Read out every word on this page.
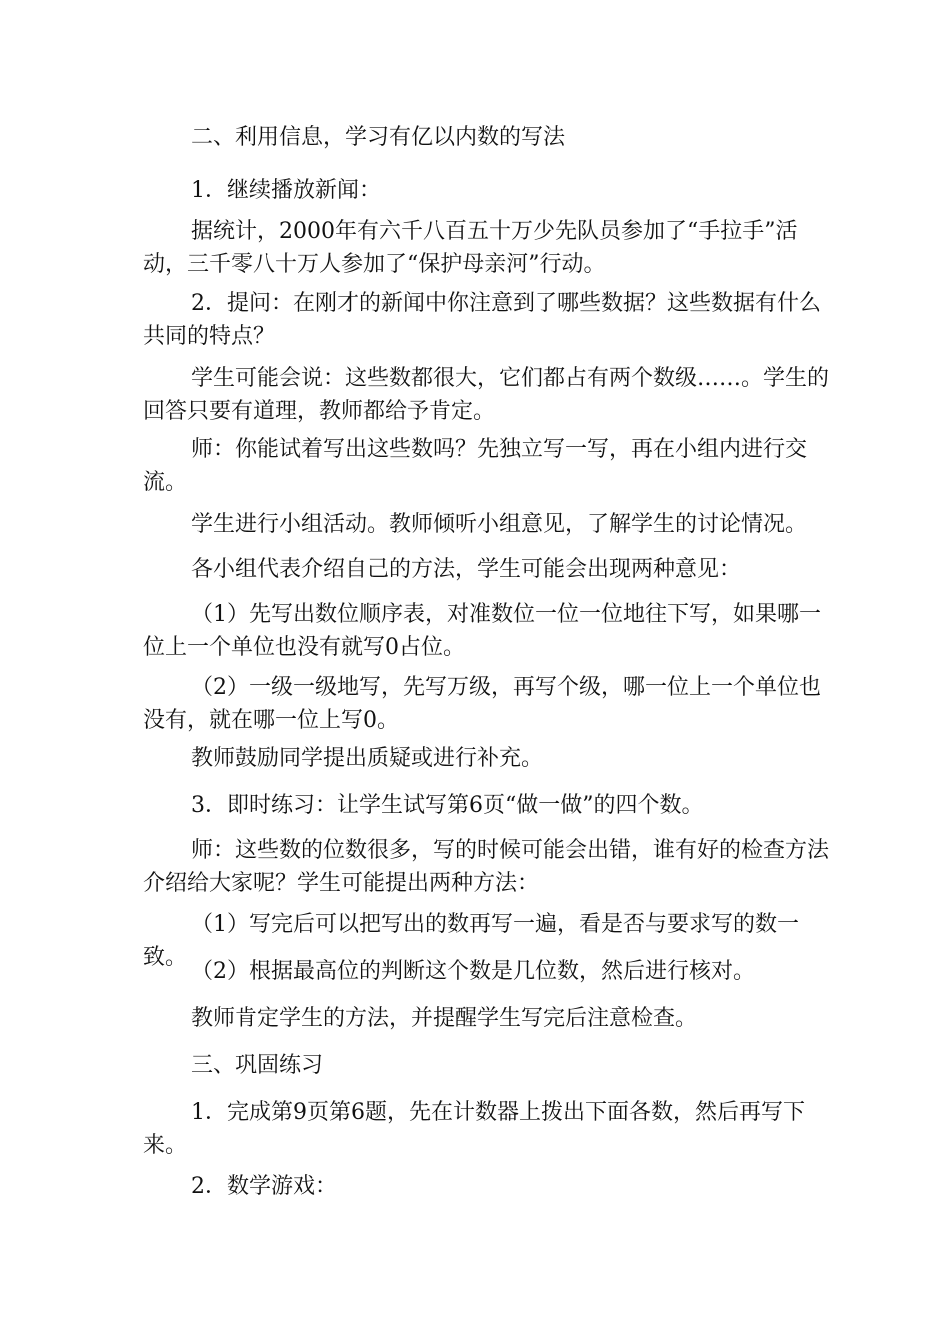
二、利用信息，学习有亿以内数的写法

1．继续播放新闻：

据统计，2000年有六千八百五十万少先队员参加了“手拉手”活动，三千零八十万人参加了“保护母亲河”行动。

2．提问：在刚才的新闻中你注意到了哪些数据？这些数据有什么共同的特点？

学生可能会说：这些数都很大，它们都占有两个数级……。学生的回答只要有道理，教师都给予肯定。

师：你能试着写出这些数吗？先独立写一写，再在小组内进行交流。

学生进行小组活动。教师倾听小组意见，了解学生的讨论情况。

各小组代表介绍自己的方法，学生可能会出现两种意见：

（1）先写出数位顺序表，对准数位一位一位地往下写，如果哪一位上一个单位也没有就写0占位。

（2）一级一级地写，先写万级，再写个级，哪一位上一个单位也没有，就在哪一位上写0。

教师鼓励同学提出质疑或进行补充。

3．即时练习：让学生试写第6页“做一做”的四个数。

师：这些数的位数很多，写的时候可能会出错，谁有好的检查方法介绍给大家呢？学生可能提出两种方法：

（1）写完后可以把写出的数再写一遍，看是否与要求写的数一致。

（2）根据最高位的判断这个数是几位数，然后进行核对。

教师肯定学生的方法，并提醒学生写完后注意检查。

三、巩固练习

1．完成第9页第6题，先在计数器上拨出下面各数，然后再写下来。

2．数学游戏：
